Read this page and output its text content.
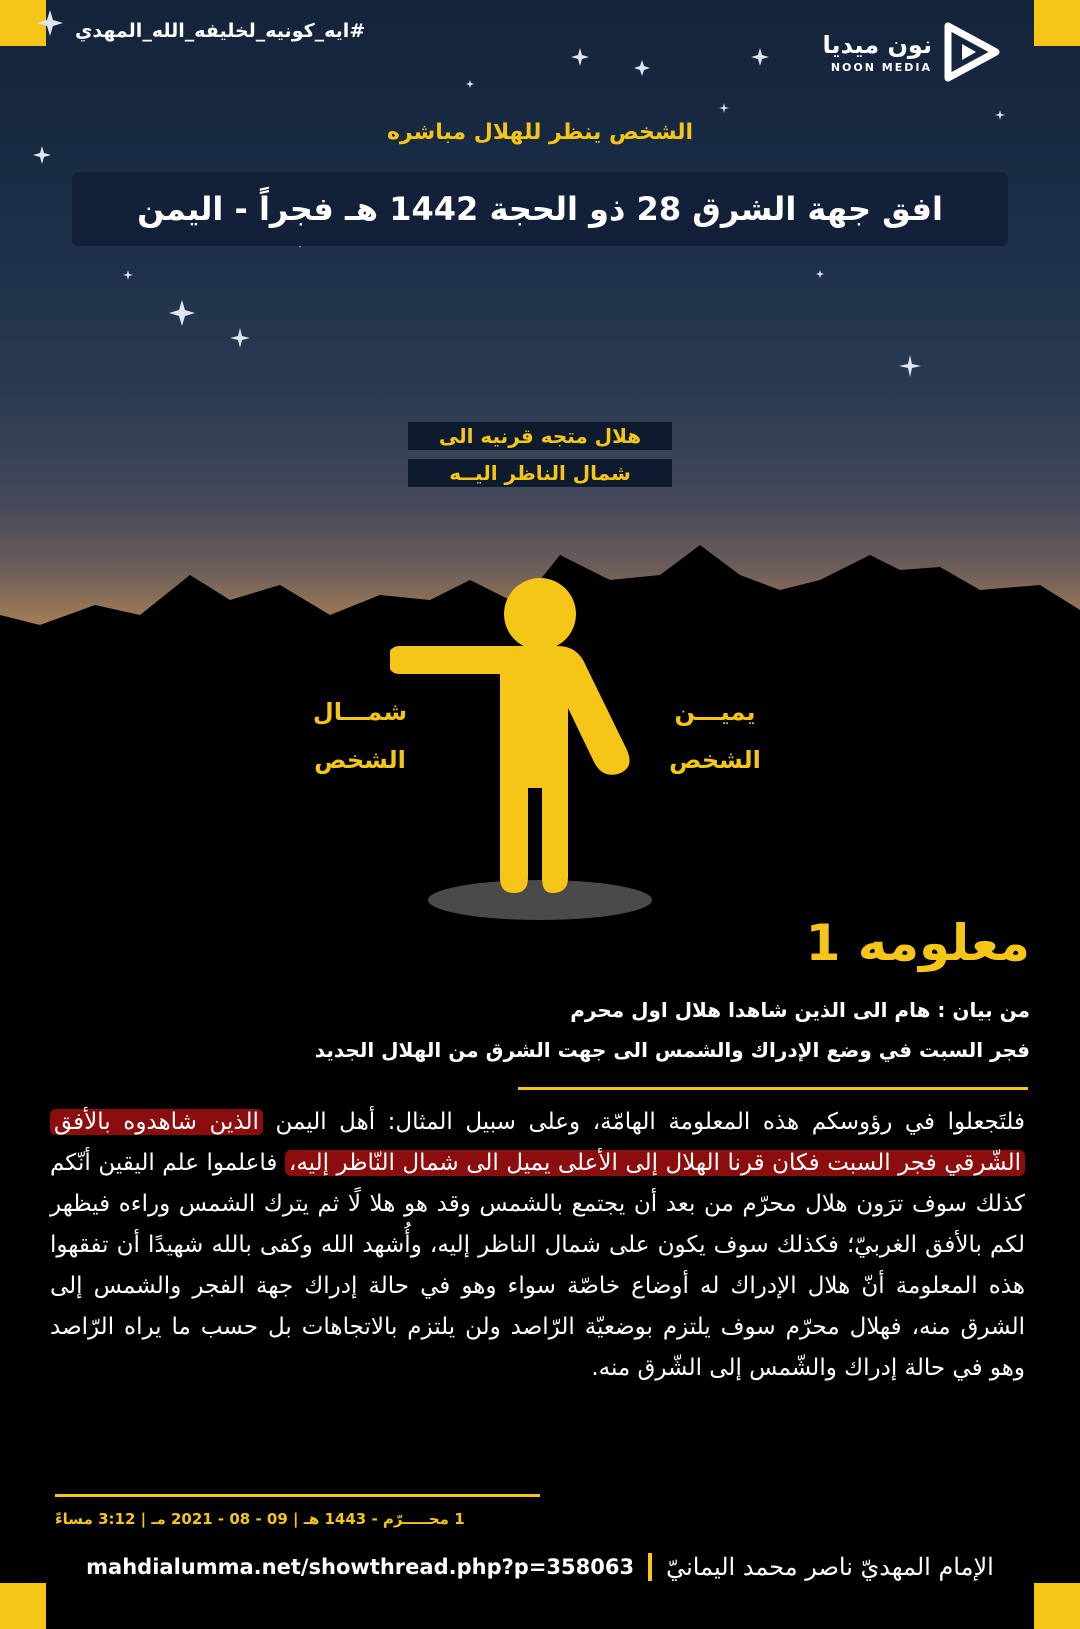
#ايه_كونيه_لخليفه_الله_المهدي	نون ميديا
NOON MEDIA
الشخص ينظر للهلال مباشره
افق جهة الشرق 28 ذو الحجة 1442 هـ فجراً - اليمن
هلال متجه قرنيه الى
شمال الناظر اليــه
شمـــال
الشخص
يميـــن
الشخص
معلومه 1
من بيان : هام الى الذين شاهدا هلال اول محرم
فجر السبت في وضع الإدراك والشمس الى جهت الشرق من الهلال الجديد
فلتَجعلوا في رؤوسكم هذه المعلومة الهامّة، وعلى سبيل المثال: أهل اليمن الذين شاهدوه بالأفق الشّرقي فجر السبت فكان قرنا الهلال إلى الأعلى يميل الى شمال النّاظر إليه، فاعلموا علم اليقين أنّكم كذلك سوف ترَون هلال محرّم من بعد أن يجتمع بالشمس وقد هو هلا لًا ثم يترك الشمس وراءه فيظهر لكم بالأفق الغربيّ؛ فكذلك سوف يكون على شمال الناظر إليه، وأُشهد الله وكفى بالله شهيدًا أن تفقهوا هذه المعلومة أنّ هلال الإدراك له أوضاع خاصّة سواء وهو في حالة إدراك جهة الفجر والشمس إلى الشرق منه، فهلال محرّم سوف يلتزم بوضعيّة الرّاصد ولن يلتزم بالاتجاهات بل حسب ما يراه الرّاصد وهو في حالة إدراك والشّمس إلى الشّرق منه.
1 محـــــرّم - 1443 هـ | 09 - 08 - 2021 مـ | 3:12 مساءً
mahdialumma.net/showthread.php?p=358063 الإمام المهديّ ناصر محمد اليمانيّ
